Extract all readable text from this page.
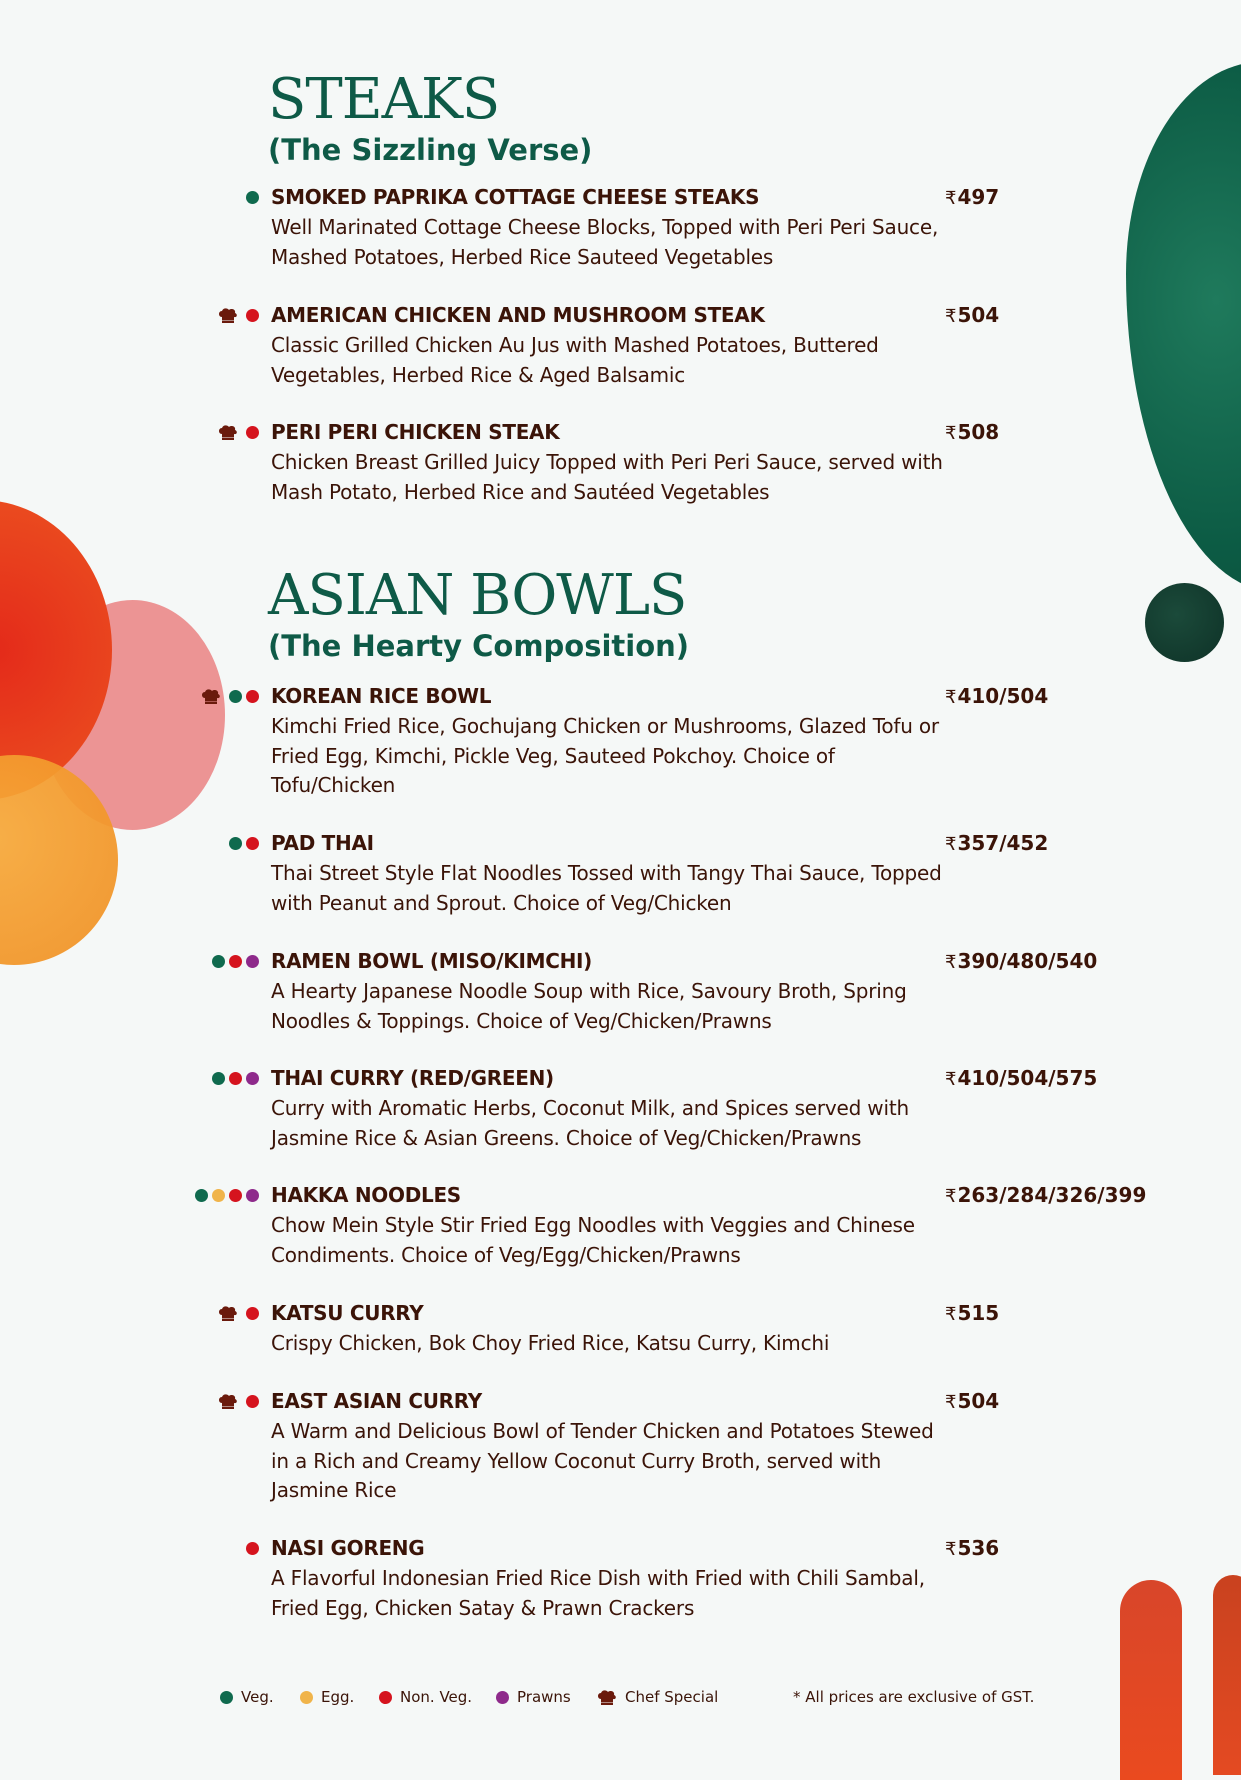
STEAKS
(The Sizzling Verse)
SMOKED PAPRIKA COTTAGE CHEESE STEAKS	₹497
Well Marinated Cottage Cheese Blocks, Topped with Peri Peri Sauce, Mashed Potatoes, Herbed Rice Sauteed Vegetables
AMERICAN CHICKEN AND MUSHROOM STEAK	₹504
Classic Grilled Chicken Au Jus with Mashed Potatoes, Buttered Vegetables, Herbed Rice & Aged Balsamic
PERI PERI CHICKEN STEAK	₹508
Chicken Breast Grilled Juicy Topped with Peri Peri Sauce, served with Mash Potato, Herbed Rice and Sautéed Vegetables
ASIAN BOWLS
(The Hearty Composition)
KOREAN RICE BOWL	₹410/504
Kimchi Fried Rice, Gochujang Chicken or Mushrooms, Glazed Tofu or Fried Egg, Kimchi, Pickle Veg, Sauteed Pokchoy. Choice of Tofu/Chicken
PAD THAI	₹357/452
Thai Street Style Flat Noodles Tossed with Tangy Thai Sauce, Topped with Peanut and Sprout. Choice of Veg/Chicken
RAMEN BOWL (MISO/KIMCHI)	₹390/480/540
A Hearty Japanese Noodle Soup with Rice, Savoury Broth, Spring Noodles & Toppings. Choice of Veg/Chicken/Prawns
THAI CURRY (RED/GREEN)	₹410/504/575
Curry with Aromatic Herbs, Coconut Milk, and Spices served with Jasmine Rice & Asian Greens. Choice of Veg/Chicken/Prawns
HAKKA NOODLES	₹263/284/326/399
Chow Mein Style Stir Fried Egg Noodles with Veggies and Chinese Condiments. Choice of Veg/Egg/Chicken/Prawns
KATSU CURRY	₹515
Crispy Chicken, Bok Choy Fried Rice, Katsu Curry, Kimchi
EAST ASIAN CURRY	₹504
A Warm and Delicious Bowl of Tender Chicken and Potatoes Stewed in a Rich and Creamy Yellow Coconut Curry Broth, served with Jasmine Rice
NASI GORENG	₹536
A Flavorful Indonesian Fried Rice Dish with Fried with Chili Sambal, Fried Egg, Chicken Satay & Prawn Crackers
Veg.	Egg.	Non. Veg.	Prawns	Chef Special	* All prices are exclusive of GST.
